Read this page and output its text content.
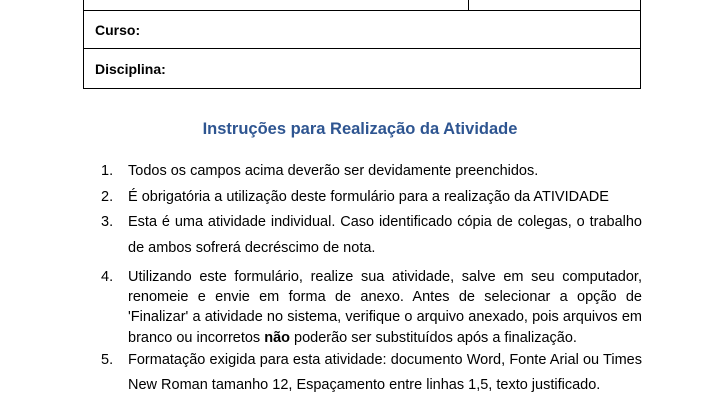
Curso:
Disciplina:
Instruções para Realização da Atividade
1. Todos os campos acima deverão ser devidamente preenchidos.
2. É obrigatória a utilização deste formulário para a realização da ATIVIDADE
3. Esta é uma atividade individual. Caso identificado cópia de colegas, o trabalho de ambos sofrerá decréscimo de nota.
4. Utilizando este formulário, realize sua atividade, salve em seu computador, renomeie e envie em forma de anexo. Antes de selecionar a opção de 'Finalizar' a atividade no sistema, verifique o arquivo anexado, pois arquivos em branco ou incorretos não poderão ser substituídos após a finalização.
5. Formatação exigida para esta atividade: documento Word, Fonte Arial ou Times New Roman tamanho 12, Espaçamento entre linhas 1,5, texto justificado.
